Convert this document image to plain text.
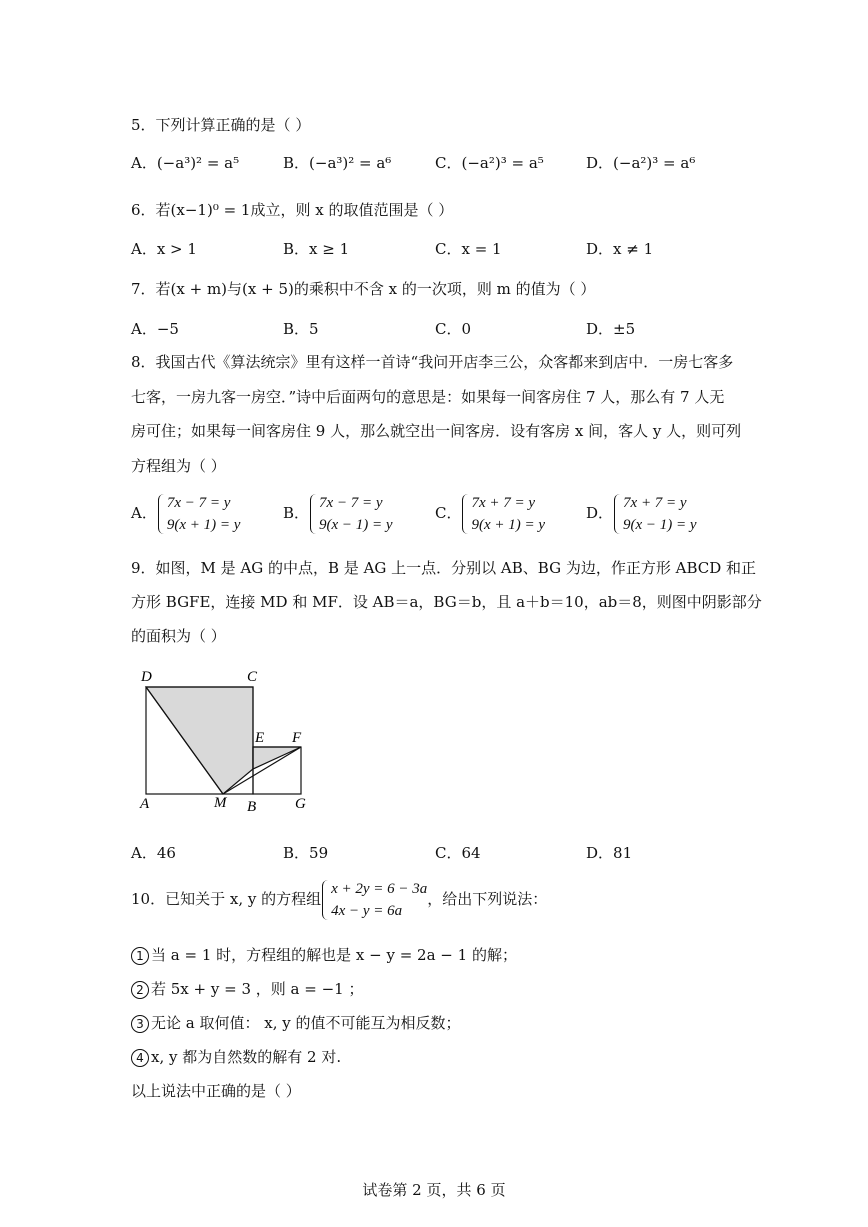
5．下列计算正确的是（ ）
A．(−a³)² = a⁵	B．(−a³)² = a⁶	C．(−a²)³ = a⁵	D．(−a²)³ = a⁶
6．若(x−1)⁰ = 1成立，则 x 的取值范围是（ ）
A．x > 1	B．x ≥ 1	C．x = 1	D．x ≠ 1
7．若(x + m)与(x + 5)的乘积中不含 x 的一次项，则 m 的值为（ ）
A．−5	B．5	C．0	D．±5
8．我国古代《算法统宗》里有这样一首诗“我问开店李三公，众客都来到店中．一房七客多
七客，一房九客一房空．”诗中后面两句的意思是：如果每一间客房住 7 人，那么有 7 人无
房可住；如果每一间客房住 9 人，那么就空出一间客房．设有客房 x 间，客人 y 人，则可列
方程组为（ ）
A．
7x − 7 = y
9(x + 1) = y
B．
7x − 7 = y
9(x − 1) = y
C．
7x + 7 = y
9(x + 1) = y
D．
7x + 7 = y
9(x − 1) = y
9．如图，M 是 AG 的中点，B 是 AG 上一点．分别以 AB、BG 为边，作正方形 ABCD 和正
方形 BGFE，连接 MD 和 MF．设 AB＝a，BG＝b，且 a＋b＝10，ab＝8，则图中阴影部分
的面积为（ ）
D	C
E F
A	M B	G
A．46	B．59	C．64	D．81
10．已知关于 x, y 的方程组
x + 2y = 6 − 3a
4x − y = 6a
，给出下列说法：
1 当 a = 1 时，方程组的解也是 x − y = 2a − 1 的解；
2 若 5x + y = 3 ，则 a = −1 ；
3 无论 a 取何值： x, y 的值不可能互为相反数；
4 x, y 都为自然数的解有 2 对.
以上说法中正确的是（ ）
试卷第 2 页，共 6 页
